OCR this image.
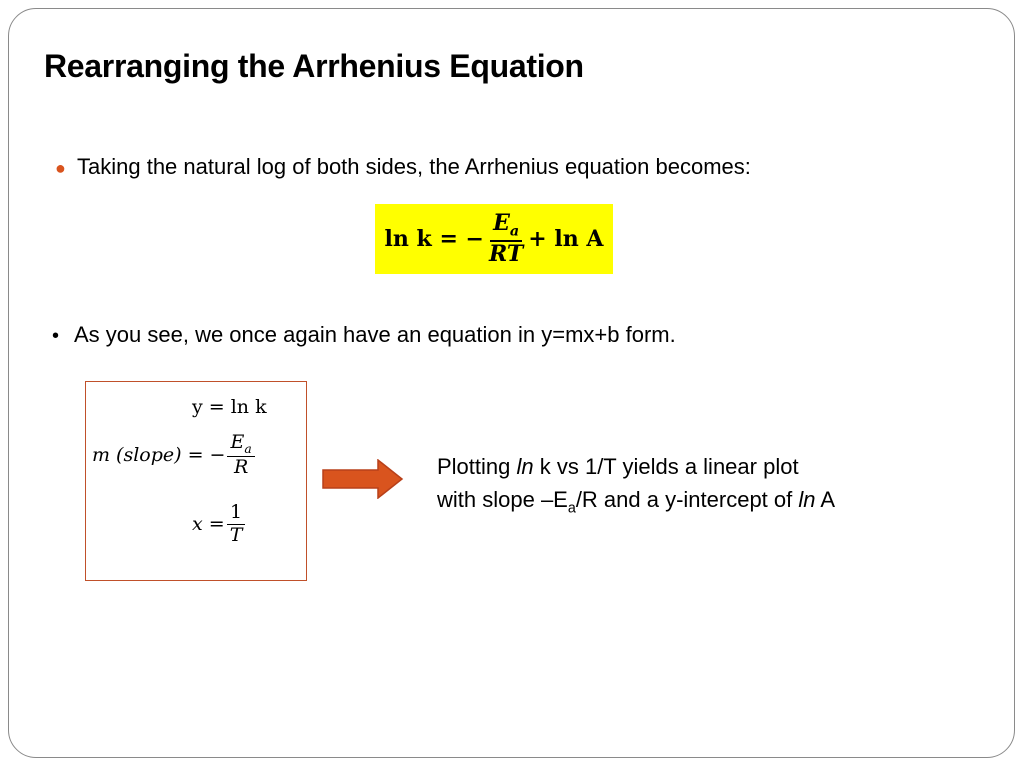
Rearranging the Arrhenius Equation
● Taking the natural log of both sides, the Arrhenius equation becomes:
ln k = − $\frac{E_a}{RT} + \ln A$
• As you see, we once again have an equation in y=mx+b form.
y = ln k
m (slope) = − $\frac{E_a}{R}$
$x = \frac{1}{T}$
Plotting ln k vs 1/T yields a linear plot with slope $-E_a/R$ and a y-intercept of ln A
